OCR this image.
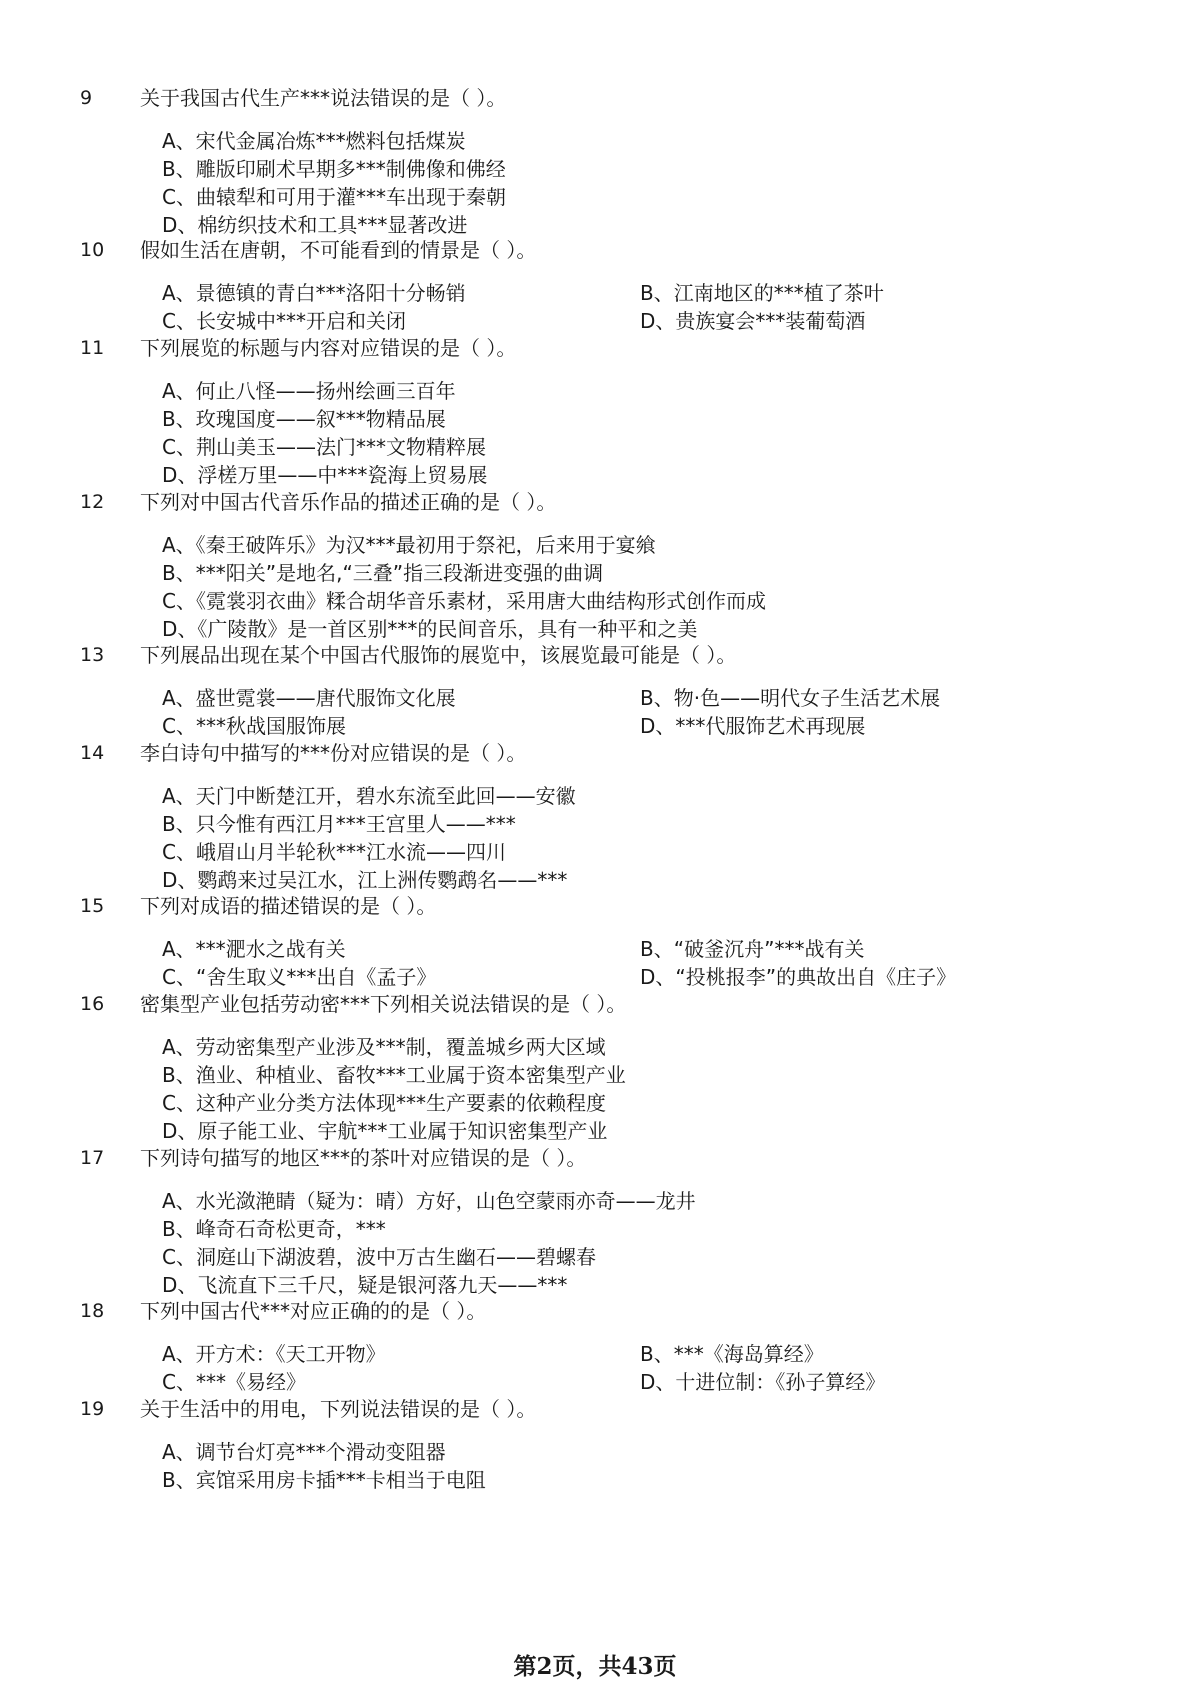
9 关于我国古代生产***说法错误的是（ ）。
A、宋代金属冶炼***燃料包括煤炭
B、雕版印刷术早期多***制佛像和佛经
C、曲辕犁和可用于灌***车出现于秦朝
D、棉纺织技术和工具***显著改进
10 假如生活在唐朝，不可能看到的情景是（ ）。
A、景德镇的青白***洛阳十分畅销	B、江南地区的***植了茶叶
C、长安城中***开启和关闭	D、贵族宴会***装葡萄酒
11 下列展览的标题与内容对应错误的是（ ）。
A、何止八怪——扬州绘画三百年
B、玫瑰国度——叙***物精品展
C、荆山美玉——法门***文物精粹展
D、浮槎万里——中***瓷海上贸易展
12 下列对中国古代音乐作品的描述正确的是（ ）。
A、《秦王破阵乐》为汉***最初用于祭祀，后来用于宴飨
B、***阳关”是地名,“三叠”指三段渐进变强的曲调
C、《霓裳羽衣曲》糅合胡华音乐素材，采用唐大曲结构形式创作而成
D、《广陵散》是一首区别***的民间音乐，具有一种平和之美
13 下列展品出现在某个中国古代服饰的展览中，该展览最可能是（ ）。
A、盛世霓裳——唐代服饰文化展	B、物·色——明代女子生活艺术展
C、***秋战国服饰展	D、***代服饰艺术再现展
14 李白诗句中描写的***份对应错误的是（ ）。
A、天门中断楚江开，碧水东流至此回——安徽
B、只今惟有西江月***王宫里人——***
C、峨眉山月半轮秋***江水流——四川
D、鹦鹉来过吴江水，江上洲传鹦鹉名——***
15 下列对成语的描述错误的是（ ）。
A、***淝水之战有关	B、“破釜沉舟”***战有关
C、“舍生取义***出自《孟子》	D、“投桃报李”的典故出自《庄子》
16 密集型产业包括劳动密***下列相关说法错误的是（ ）。
A、劳动密集型产业涉及***制，覆盖城乡两大区域
B、渔业、种植业、畜牧***工业属于资本密集型产业
C、这种产业分类方法体现***生产要素的依赖程度
D、原子能工业、宇航***工业属于知识密集型产业
17 下列诗句描写的地区***的茶叶对应错误的是（ ）。
A、水光潋滟睛（疑为：晴）方好，山色空蒙雨亦奇——龙井
B、峰奇石奇松更奇，***
C、洞庭山下湖波碧，波中万古生幽石——碧螺春
D、飞流直下三千尺，疑是银河落九天——***
18 下列中国古代***对应正确的的是（ ）。
A、开方术：《天工开物》	B、***《海岛算经》
C、***《易经》	D、十进位制：《孙子算经》
19 关于生活中的用电，下列说法错误的是（ ）。
A、调节台灯亮***个滑动变阻器
B、宾馆采用房卡插***卡相当于电阻
第2页，共43页
